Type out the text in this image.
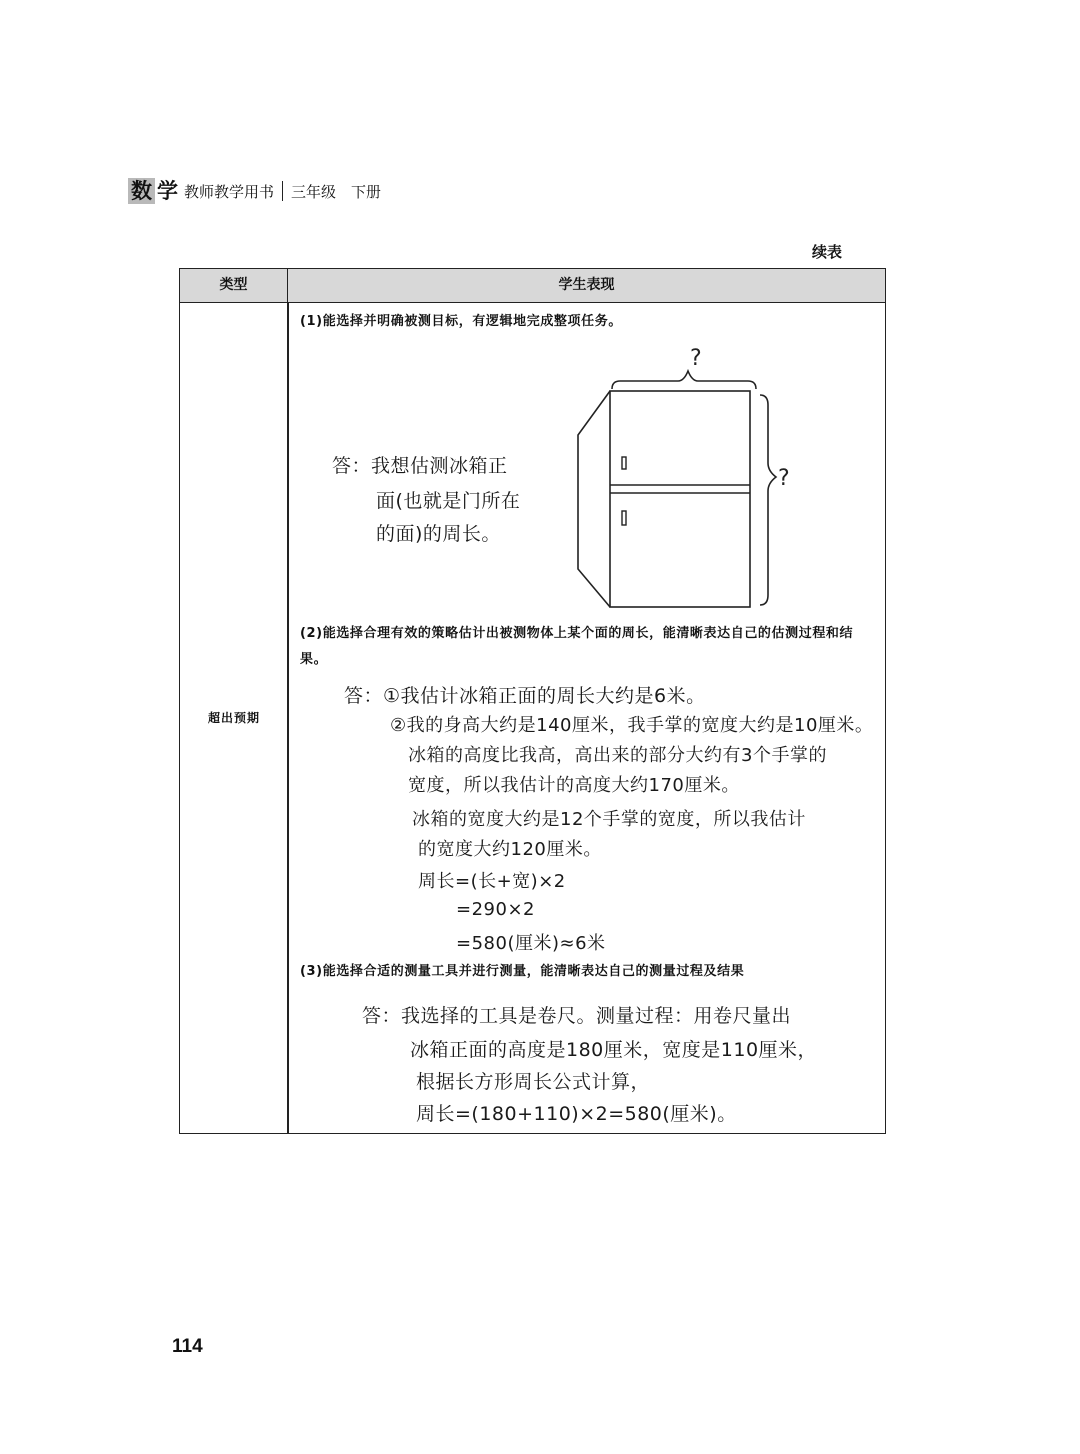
数 学 教师教学用书 三年级　下册
续表
类型	学生表现
超出预期
(1)能选择并明确被测目标，有逻辑地完成整项任务。
答：我想估测冰箱正
面(也就是门所在
的面)的周长。
?
?
(2)能选择合理有效的策略估计出被测物体上某个面的周长，能清晰表达自己的估测过程和结果。
答：①我估计冰箱正面的周长大约是6米。
②我的身高大约是140厘米，我手掌的宽度大约是10厘米。
冰箱的高度比我高，高出来的部分大约有3个手掌的
宽度，所以我估计的高度大约170厘米。
冰箱的宽度大约是12个手掌的宽度，所以我估计
的宽度大约120厘米。
周长=(长+宽)×2
=290×2
=580(厘米)≈6米
(3)能选择合适的测量工具并进行测量，能清晰表达自己的测量过程及结果
答：我选择的工具是卷尺。测量过程：用卷尺量出
冰箱正面的高度是180厘米，宽度是110厘米，
根据长方形周长公式计算，
周长=(180+110)×2=580(厘米)。
114
